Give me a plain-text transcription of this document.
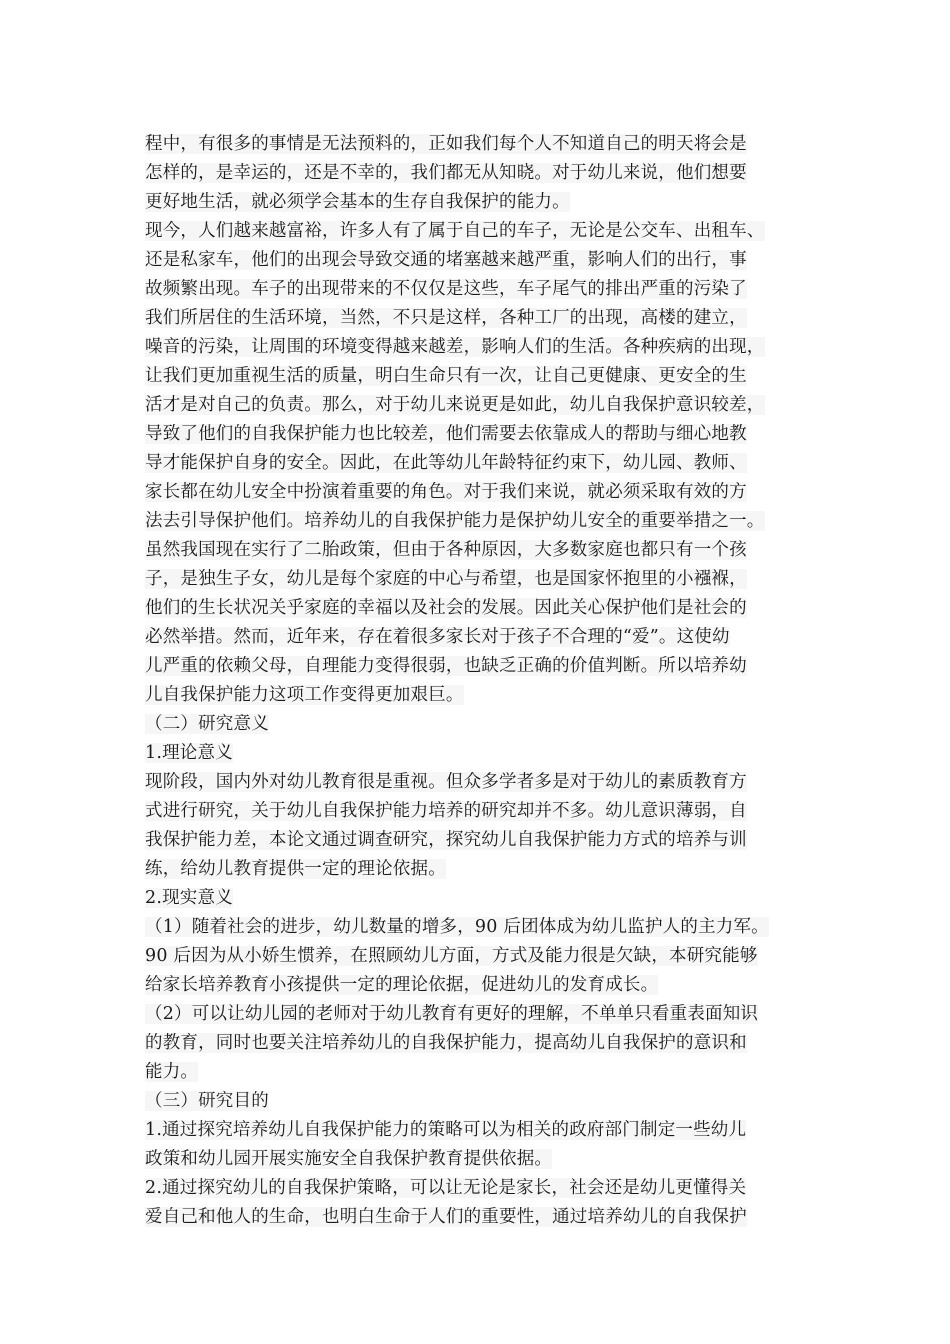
程中，有很多的事情是无法预料的，正如我们每个人不知道自己的明天将会是
怎样的，是幸运的，还是不幸的，我们都无从知晓。对于幼儿来说，他们想要
更好地生活，就必须学会基本的生存自我保护的能力。
现今，人们越来越富裕，许多人有了属于自己的车子，无论是公交车、出租车、
还是私家车，他们的出现会导致交通的堵塞越来越严重，影响人们的出行，事
故频繁出现。车子的出现带来的不仅仅是这些，车子尾气的排出严重的污染了
我们所居住的生活环境，当然，不只是这样，各种工厂的出现，高楼的建立，
噪音的污染，让周围的环境变得越来越差，影响人们的生活。各种疾病的出现，
让我们更加重视生活的质量，明白生命只有一次，让自己更健康、更安全的生
活才是对自己的负责。那么，对于幼儿来说更是如此，幼儿自我保护意识较差，
导致了他们的自我保护能力也比较差，他们需要去依靠成人的帮助与细心地教
导才能保护自身的安全。因此，在此等幼儿年龄特征约束下，幼儿园、教师、
家长都在幼儿安全中扮演着重要的角色。对于我们来说，就必须采取有效的方
法去引导保护他们。培养幼儿的自我保护能力是保护幼儿安全的重要举措之一。
虽然我国现在实行了二胎政策，但由于各种原因，大多数家庭也都只有一个孩
子，是独生子女，幼儿是每个家庭的中心与希望，也是国家怀抱里的小襁褓，
他们的生长状况关乎家庭的幸福以及社会的发展。因此关心保护他们是社会的
必然举措。然而，近年来，存在着很多家长对于孩子不合理的“爱”。这使幼
儿严重的依赖父母，自理能力变得很弱，也缺乏正确的价值判断。所以培养幼
儿自我保护能力这项工作变得更加艰巨。
（二）研究意义
1.理论意义
现阶段，国内外对幼儿教育很是重视。但众多学者多是对于幼儿的素质教育方
式进行研究，关于幼儿自我保护能力培养的研究却并不多。幼儿意识薄弱，自
我保护能力差，本论文通过调查研究，探究幼儿自我保护能力方式的培养与训
练，给幼儿教育提供一定的理论依据。
2.现实意义
（1）随着社会的进步，幼儿数量的增多，90 后团体成为幼儿监护人的主力军。
90 后因为从小娇生惯养，在照顾幼儿方面，方式及能力很是欠缺，本研究能够
给家长培养教育小孩提供一定的理论依据，促进幼儿的发育成长。
（2）可以让幼儿园的老师对于幼儿教育有更好的理解，不单单只看重表面知识
的教育，同时也要关注培养幼儿的自我保护能力，提高幼儿自我保护的意识和
能力。
（三）研究目的
1.通过探究培养幼儿自我保护能力的策略可以为相关的政府部门制定一些幼儿
政策和幼儿园开展实施安全自我保护教育提供依据。
2.通过探究幼儿的自我保护策略，可以让无论是家长，社会还是幼儿更懂得关
爱自己和他人的生命，也明白生命于人们的重要性，通过培养幼儿的自我保护
